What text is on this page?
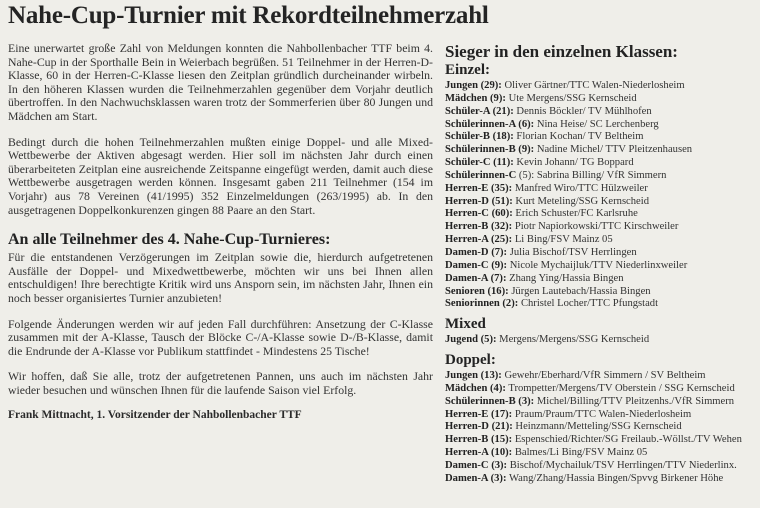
Nahe-Cup-Turnier mit Rekordteilnehmerzahl

Eine unerwartet große Zahl von Meldungen konnten die Nahbollenbacher TTF beim 4. Nahe-Cup in der Sporthalle Bein in Weierbach begrüßen. 51 Teilnehmer in der Herren-D-Klasse, 60 in der Herren-C-Klasse liesen den Zeitplan gründlich durcheinander wirbeln. In den höheren Klassen wurden die Teilnehmerzahlen gegenüber dem Vorjahr deutlich übertroffen. In den Nachwuchsklassen waren trotz der Sommerferien über 80 Jungen und Mädchen am Start.

Bedingt durch die hohen Teilnehmerzahlen mußten einige Doppel- und alle Mixed-Wettbewerbe der Aktiven abgesagt werden. Hier soll im nächsten Jahr durch einen überarbeiteten Zeitplan eine ausreichende Zeitspanne eingefügt werden, damit auch diese Wettbewerbe ausgetragen werden können. Insgesamt gaben 211 Teilnehmer (154 im Vorjahr) aus 78 Vereinen (41/1995) 352 Einzelmeldungen (263/1995) ab. In den ausgetragenen Doppelkonkurenzen gingen 88 Paare an den Start.

An alle Teilnehmer des 4. Nahe-Cup-Turnieres:

Für die entstandenen Verzögerungen im Zeitplan sowie die, hierdurch aufgetretenen Ausfälle der Doppel- und Mixedwettbewerbe, möchten wir uns bei Ihnen allen entschuldigen! Ihre berechtigte Kritik wird uns Ansporn sein, im nächsten Jahr, Ihnen ein noch besser organisiertes Turnier anzubieten!

Folgende Änderungen werden wir auf jeden Fall durchführen: Ansetzung der C-Klasse zusammen mit der A-Klasse, Tausch der Blöcke C-/A-Klasse sowie D-/B-Klasse, damit die Endrunde der A-Klasse vor Publikum stattfindet - Mindestens 25 Tische!

Wir hoffen, daß Sie alle, trotz der aufgetretenen Pannen, uns auch im nächsten Jahr wieder besuchen und wünschen Ihnen für die laufende Saison viel Erfolg.

Frank Mittnacht, 1. Vorsitzender der Nahbollenbacher TTF
Sieger in den einzelnen Klassen:
Einzel:
Jungen (29): Oliver Gärtner/TTC Walen-Niederlosheim
Mädchen (9): Ute Mergens/SSG Kernscheid
Schüler-A (21): Dennis Böckler/ TV Mühlhofen
Schülerinnen-A (6): Nina Heise/ SC Lerchenberg
Schüler-B (18): Florian Kochan/ TV Beltheim
Schülerinnen-B (9): Nadine Michel/ TTV Pleitzenhausen
Schüler-C (11): Kevin Johann/ TG Boppard
Schülerinnen-C (5): Sabrina Billing/ VfR Simmern
Herren-E (35): Manfred Wiro/TTC Hülzweiler
Herren-D (51): Kurt Meteling/SSG Kernscheid
Herren-C (60): Erich Schuster/FC Karlsruhe
Herren-B (32): Piotr Napiorkowski/TTC Kirschweiler
Herren-A (25): Li Bing/FSV Mainz 05
Damen-D (7): Julia Bischof/TSV Herrlingen
Damen-C (9): Nicole Mychaijluk/TTV Niederlinxweiler
Damen-A (7): Zhang Ying/Hassia Bingen
Senioren (16): Jürgen Lautebach/Hassia Bingen
Seniorinnen (2): Christel Locher/TTC Pfungstadt
Mixed
Jugend (5): Mergens/Mergens/SSG Kernscheid
Doppel:
Jungen (13): Gewehr/Eberhard/VfR Simmern / SV Beltheim
Mädchen (4): Trompetter/Mergens/TV Oberstein / SSG Kernscheid
Schülerinnen-B (3): Michel/Billing/TTV Pleitzenhs./VfR Simmern
Herren-E (17): Praum/Praum/TTC Walen-Niederlosheim
Herren-D (21): Heinzmann/Metteling/SSG Kernscheid
Herren-B (15): Espenschied/Richter/SG Freilaub.-Wöllst./TV Wehen
Herren-A (10): Balmes/Li Bing/FSV Mainz 05
Damen-C (3): Bischof/Mychailuk/TSV Herrlingen/TTV Niederlinx.
Damen-A (3): Wang/Zhang/Hassia Bingen/Spvvg Birkener Höhe
